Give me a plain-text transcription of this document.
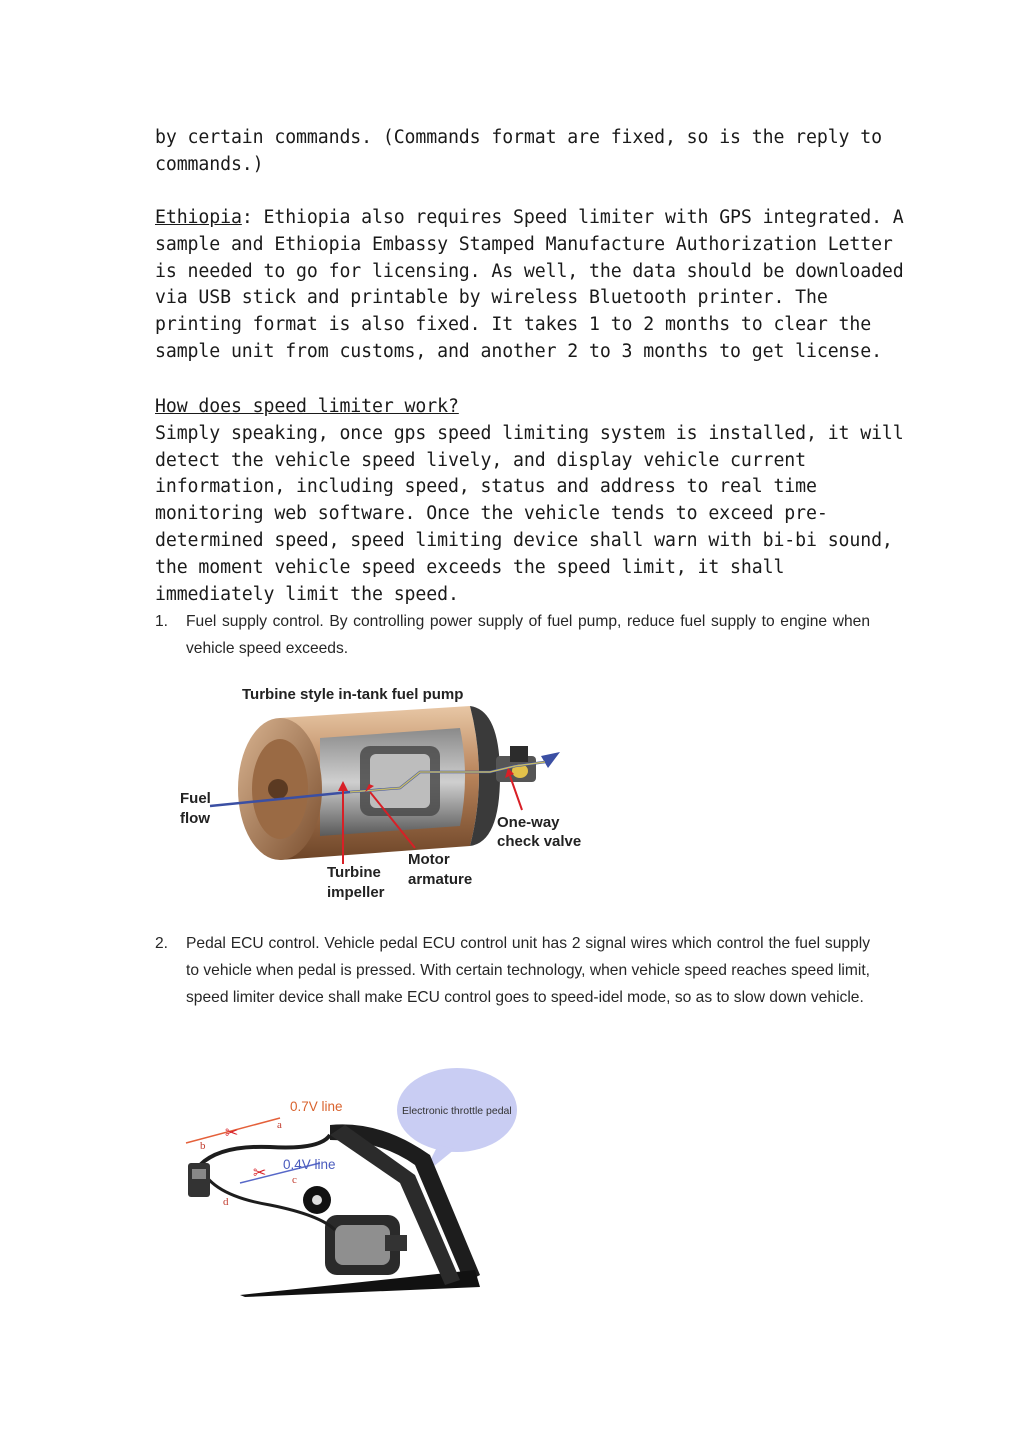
by certain commands. (Commands format are fixed, so is the reply to
commands.)
Ethiopia: Ethiopia also requires Speed limiter with GPS integrated. A
sample and Ethiopia Embassy Stamped Manufacture Authorization Letter
is needed to go for licensing. As well, the data should be downloaded
via USB stick and printable by wireless Bluetooth printer. The
printing format is also fixed. It takes 1 to 2 months to clear the
sample unit from customs, and another 2 to 3 months to get license.
How does speed limiter work?
Simply speaking, once gps speed limiting system is installed, it will
detect the vehicle speed lively, and display vehicle current
information, including speed, status and address to real time
monitoring web software. Once the vehicle tends to exceed pre-
determined speed, speed limiting device shall warn with bi-bi sound,
the moment vehicle speed exceeds the speed limit, it shall
immediately limit the speed.
1. Fuel supply control. By controlling power supply of fuel pump, reduce fuel supply to engine when vehicle speed exceeds.
Turbine style in-tank fuel pump
Fuel
flow	One-way
check valve
Motor
armature
Turbine
impeller
2. Pedal ECU control. Vehicle pedal ECU control unit has 2 signal wires which control the fuel supply to vehicle when pedal is pressed. With certain technology, when vehicle speed reaches speed limit, speed limiter device shall make ECU control goes to speed-idel mode, so as to slow down vehicle.
Electronic throttle pedal
✂
✂
0.7V line
0.4V line
a
b
c
d
